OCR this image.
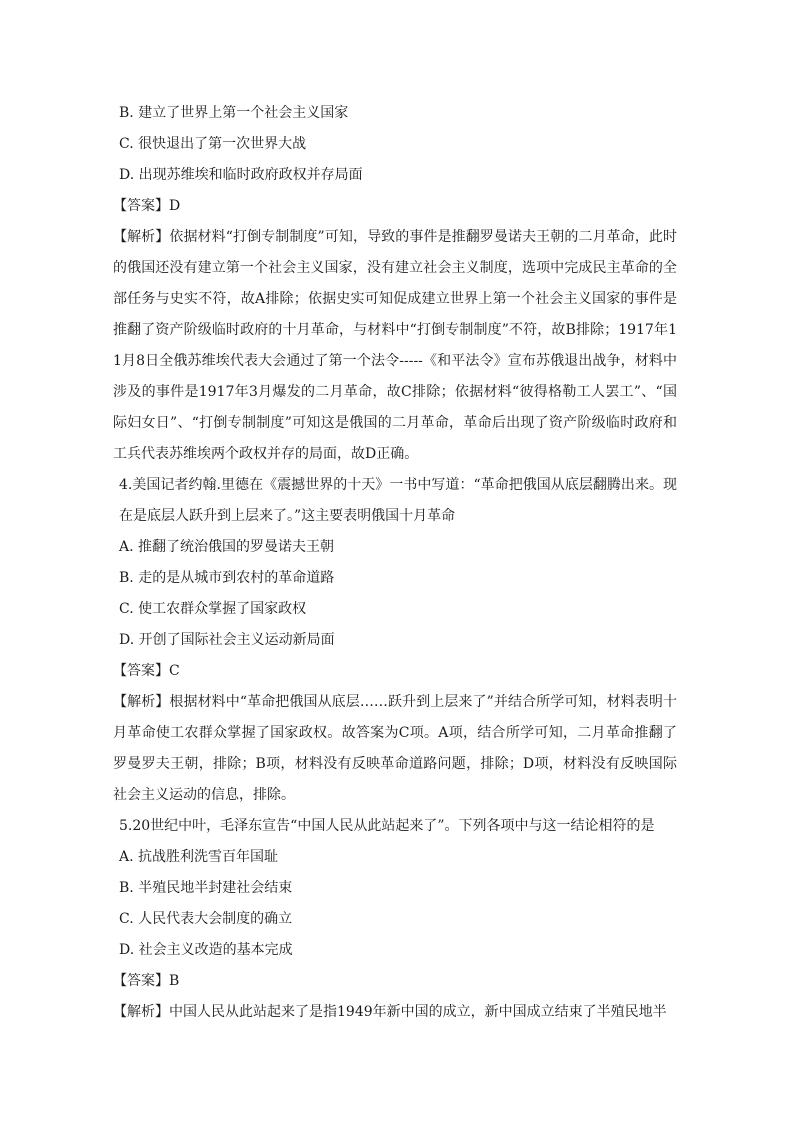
B. 建立了世界上第一个社会主义国家
C. 很快退出了第一次世界大战
D. 出现苏维埃和临时政府政权并存局面
【答案】D
【解析】依据材料“打倒专制制度”可知，导致的事件是推翻罗曼诺夫王朝的二月革命，此时的俄国还没有建立第一个社会主义国家，没有建立社会主义制度，选项中完成民主革命的全部任务与史实不符，故A排除；依据史实可知促成建立世界上第一个社会主义国家的事件是推翻了资产阶级临时政府的十月革命，与材料中“打倒专制制度”不符，故B排除；1917年11月8日全俄苏维埃代表大会通过了第一个法令-----《和平法令》宣布苏俄退出战争，材料中涉及的事件是1917年3月爆发的二月革命，故C排除；依据材料“彼得格勒工人罢工”、“国际妇女日”、“打倒专制制度”可知这是俄国的二月革命，革命后出现了资产阶级临时政府和工兵代表苏维埃两个政权并存的局面，故D正确。
4.美国记者约翰.里德在《震撼世界的十天》一书中写道：“革命把俄国从底层翻腾出来。现在是底层人跃升到上层来了。”这主要表明俄国十月革命
A. 推翻了统治俄国的罗曼诺夫王朝
B. 走的是从城市到农村的革命道路
C. 使工农群众掌握了国家政权
D. 开创了国际社会主义运动新局面
【答案】C
【解析】根据材料中“革命把俄国从底层……跃升到上层来了”并结合所学可知，材料表明十月革命使工农群众掌握了国家政权。故答案为C项。A项，结合所学可知，二月革命推翻了罗曼罗夫王朝，排除；B项，材料没有反映革命道路问题，排除；D项，材料没有反映国际社会主义运动的信息，排除。
5.20世纪中叶，毛泽东宣告“中国人民从此站起来了”。下列各项中与这一结论相符的是
A. 抗战胜利洗雪百年国耻
B. 半殖民地半封建社会结束
C. 人民代表大会制度的确立
D. 社会主义改造的基本完成
【答案】B
【解析】中国人民从此站起来了是指1949年新中国的成立，新中国成立结束了半殖民地半
